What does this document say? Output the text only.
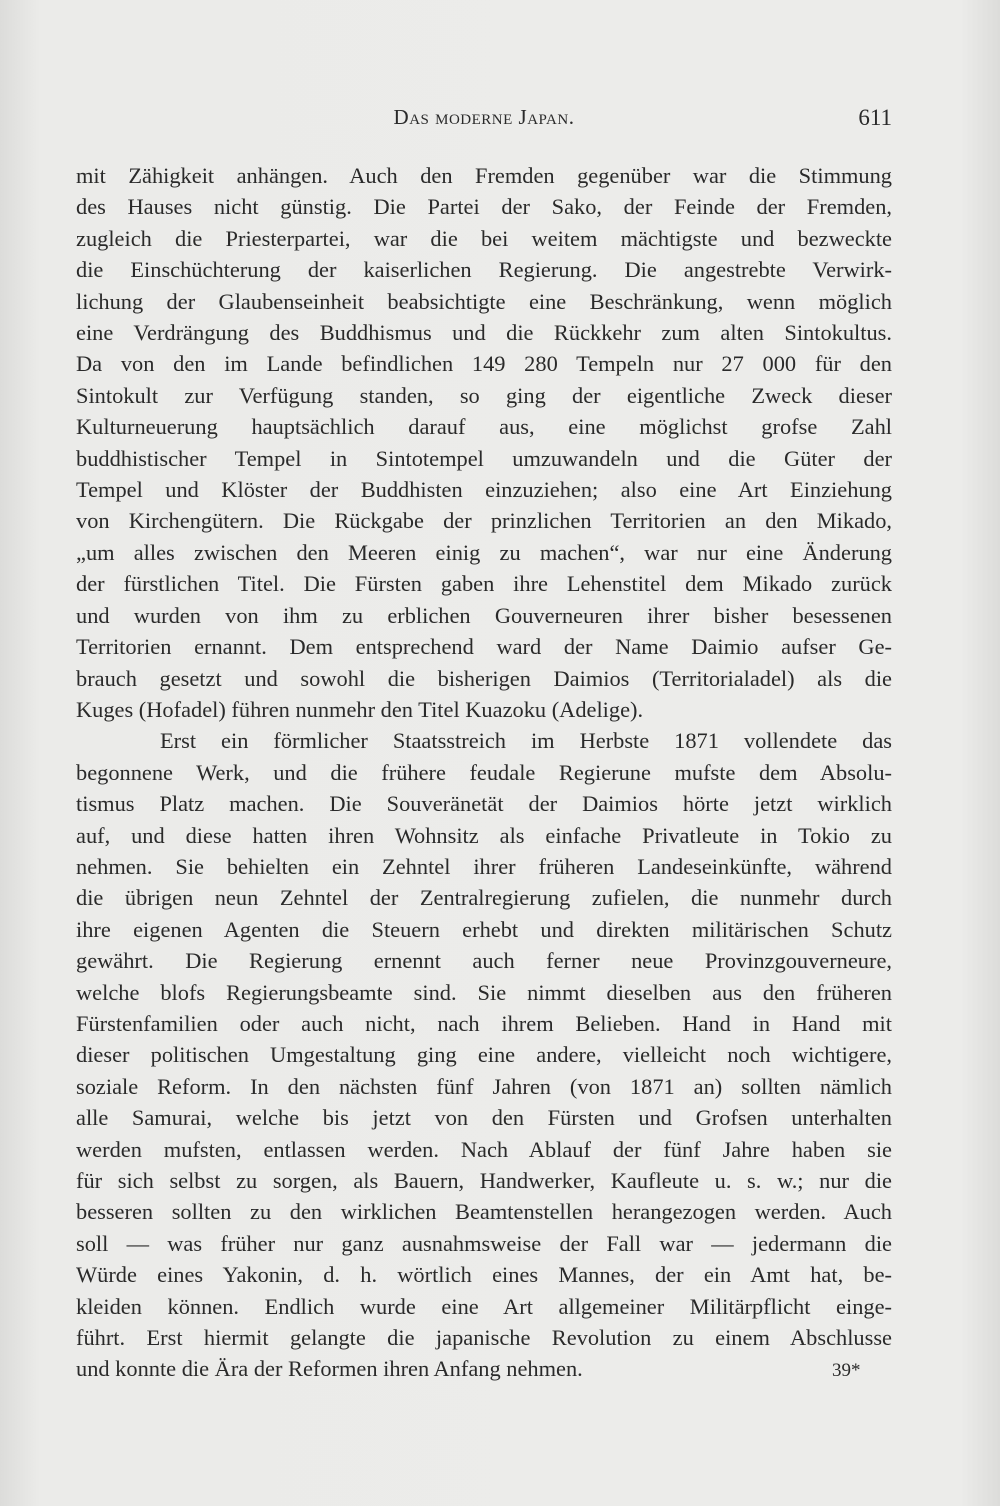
Das moderne Japan.	611
mit Zähigkeit anhängen. Auch den Fremden gegenüber war die Stimmung
des Hauses nicht günstig. Die Partei der Sako, der Feinde der Fremden,
zugleich die Priesterpartei, war die bei weitem mächtigste und bezweckte
die Einschüchterung der kaiserlichen Regierung. Die angestrebte Verwirk-
lichung der Glaubenseinheit beabsichtigte eine Beschränkung, wenn möglich
eine Verdrängung des Buddhismus und die Rückkehr zum alten Sintokultus.
Da von den im Lande befindlichen 149 280 Tempeln nur 27 000 für den
Sintokult zur Verfügung standen, so ging der eigentliche Zweck dieser
Kulturneuerung hauptsächlich darauf aus, eine möglichst grofse Zahl
buddhistischer Tempel in Sintotempel umzuwandeln und die Güter der
Tempel und Klöster der Buddhisten einzuziehen; also eine Art Einziehung
von Kirchengütern. Die Rückgabe der prinzlichen Territorien an den Mikado,
„um alles zwischen den Meeren einig zu machen“, war nur eine Änderung
der fürstlichen Titel. Die Fürsten gaben ihre Lehenstitel dem Mikado zurück
und wurden von ihm zu erblichen Gouverneuren ihrer bisher besessenen
Territorien ernannt. Dem entsprechend ward der Name Daimio aufser Ge-
brauch gesetzt und sowohl die bisherigen Daimios (Territorialadel) als die
Kuges (Hofadel) führen nunmehr den Titel Kuazoku (Adelige).
Erst ein förmlicher Staatsstreich im Herbste 1871 vollendete das
begonnene Werk, und die frühere feudale Regierune mufste dem Absolu-
tismus Platz machen. Die Souveränetät der Daimios hörte jetzt wirklich
auf, und diese hatten ihren Wohnsitz als einfache Privatleute in Tokio zu
nehmen. Sie behielten ein Zehntel ihrer früheren Landeseinkünfte, während
die übrigen neun Zehntel der Zentralregierung zufielen, die nunmehr durch
ihre eigenen Agenten die Steuern erhebt und direkten militärischen Schutz
gewährt. Die Regierung ernennt auch ferner neue Provinzgouverneure,
welche blofs Regierungsbeamte sind. Sie nimmt dieselben aus den früheren
Fürstenfamilien oder auch nicht, nach ihrem Belieben. Hand in Hand mit
dieser politischen Umgestaltung ging eine andere, vielleicht noch wichtigere,
soziale Reform. In den nächsten fünf Jahren (von 1871 an) sollten nämlich
alle Samurai, welche bis jetzt von den Fürsten und Grofsen unterhalten
werden mufsten, entlassen werden. Nach Ablauf der fünf Jahre haben sie
für sich selbst zu sorgen, als Bauern, Handwerker, Kaufleute u. s. w.; nur die
besseren sollten zu den wirklichen Beamtenstellen herangezogen werden. Auch
soll — was früher nur ganz ausnahmsweise der Fall war — jedermann die
Würde eines Yakonin, d. h. wörtlich eines Mannes, der ein Amt hat, be-
kleiden können. Endlich wurde eine Art allgemeiner Militärpflicht einge-
führt. Erst hiermit gelangte die japanische Revolution zu einem Abschlusse
und konnte die Ära der Reformen ihren Anfang nehmen.	39*
